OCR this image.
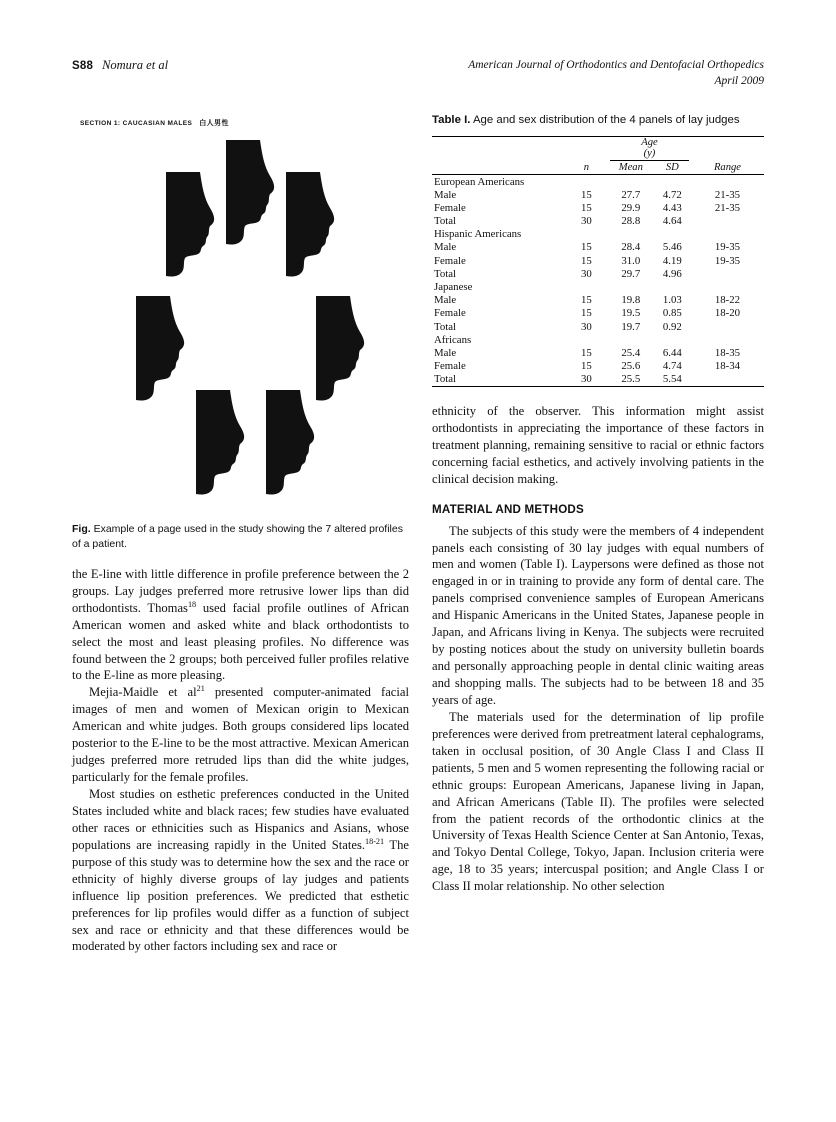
S88 Nomura et al	American Journal of Orthodontics and Dentofacial Orthopedics
April 2009
SECTION 1: CAUCASIAN MALES 白人男性
Fig. Example of a page used in the study showing the 7 altered profiles of a patient.

the E-line with little difference in profile preference between the 2 groups. Lay judges preferred more retrusive lower lips than did orthodontists. Thomas$^{18}$ used facial profile outlines of African American women and asked white and black orthodontists to select the most and least pleasing profiles. No difference was found between the 2 groups; both perceived fuller profiles relative to the E-line as more pleasing.

Mejia-Maidle et $al^{21}$ presented computer-animated facial images of men and women of Mexican origin to Mexican American and white judges. Both groups considered lips located posterior to the E-line to be the most attractive. Mexican American judges preferred more retruded lips than did the white judges, particularly for the female profiles.

Most studies on esthetic preferences conducted in the United States included white and black races; few studies have evaluated other races or ethnicities such as Hispanics and Asians, whose populations are increasing rapidly in the United States.$^{18-21}$ The purpose of this study was to determine how the sex and the race or ethnicity of highly diverse groups of lay judges and patients influence lip position preferences. We predicted that esthetic preferences for lip profiles would differ as a function of subject sex and race or ethnicity and that these differences would be moderated by other factors including sex and race or

Table I. Age and sex distribution of the 4 panels of lay judges
		Age (y)		
	n	Mean	SD	Range
European Americans				
Male	15	27.7	4.72	21-35
Female	15	29.9	4.43	21-35
Total	30	28.8	4.64	
Hispanic Americans				
Male	15	28.4	5.46	19-35
Female	15	31.0	4.19	19-35
Total	30	29.7	4.96	
Japanese				
Male	15	19.8	1.03	18-22
Female	15	19.5	0.85	18-20
Total	30	19.7	0.92	
Africans				
Male	15	25.4	6.44	18-35
Female	15	25.6	4.74	18-34
Total	30	25.5	5.54	

ethnicity of the observer. This information might assist orthodontists in appreciating the importance of these factors in treatment planning, remaining sensitive to racial or ethnic factors concerning facial esthetics, and actively involving patients in the clinical decision making.

MATERIAL AND METHODS

The subjects of this study were the members of 4 independent panels each consisting of 30 lay judges with equal numbers of men and women (Table I). Laypersons were defined as those not engaged in or in training to provide any form of dental care. The panels comprised convenience samples of European Americans and Hispanic Americans in the United States, Japanese people in Japan, and Africans living in Kenya. The subjects were recruited by posting notices about the study on university bulletin boards and personally approaching people in dental clinic waiting areas and shopping malls. The subjects had to be between 18 and 35 years of age.

The materials used for the determination of lip profile preferences were derived from pretreatment lateral cephalograms, taken in occlusal position, of 30 Angle Class I and Class II patients, 5 men and 5 women representing the following racial or ethnic groups: European Americans, Japanese living in Japan, and African Americans (Table II). The profiles were selected from the patient records of the orthodontic clinics at the University of Texas Health Science Center at San Antonio, Texas, and Tokyo Dental College, Tokyo, Japan. Inclusion criteria were age, 18 to 35 years; intercuspal position; and Angle Class I or Class II molar relationship. No other selection
